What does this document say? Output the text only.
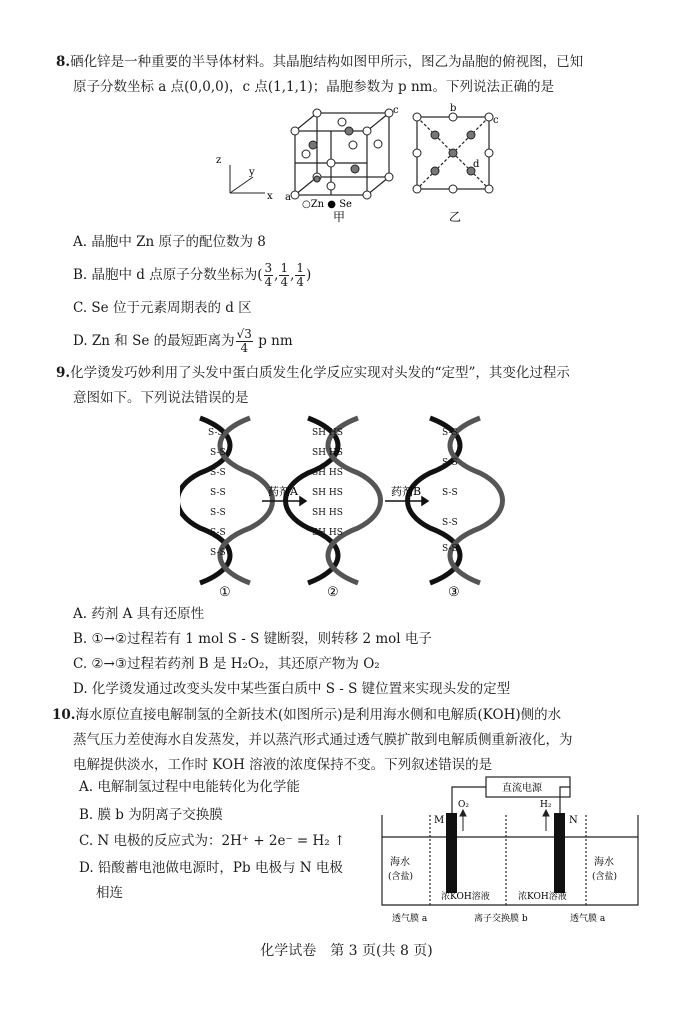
8.硒化锌是一种重要的半导体材料。其晶胞结构如图甲所示，图乙为晶胞的俯视图，已知
原子分数坐标 a 点(0,0,0)，c 点(1,1,1)；晶胞参数为 p nm。下列说法正确的是
z
y
x a
c
○Zn ● Se
甲
b
c
d
乙
A. 晶胞中 Zn 原子的配位数为 8
B. 晶胞中 d 点原子分数坐标为( $\frac{3}{4}$ , $\frac{1}{4}$ , $\frac{1}{4}$ )
C. Se 位于元素周期表的 d 区
D. Zn 和 Se 的最短距离为 $\frac{√3}{4}$ p nm
9.化学烫发巧妙利用了头发中蛋白质发生化学反应实现对头发的“定型”，其变化过程示
意图如下。下列说法错误的是
S-S
S-S
S-S
S-S
S-S
S-S
S-S
SH HS
SH HS
SH HS
SH HS
SH HS
SH HS
S-S
S-S
S-S
S-S
S-S
药剂A	药剂B
①	②	③
A. 药剂 A 具有还原性
B. ①→②过程若有 1 mol S - S 键断裂，则转移 2 mol 电子
C. ②→③过程若药剂 B 是 H₂O₂，其还原产物为 O₂
D. 化学烫发通过改变头发中某些蛋白质中 S - S 键位置来实现头发的定型
10.海水原位直接电解制氢的全新技术(如图所示)是利用海水侧和电解质(KOH)侧的水
蒸气压力差使海水自发蒸发，并以蒸汽形式通过透气膜扩散到电解质侧重新液化，为
电解提供淡水，工作时 KOH 溶液的浓度保持不变。下列叙述错误的是
A. 电解制氢过程中电能转化为化学能
B. 膜 b 为阴离子交换膜
C. N 电极的反应式为：2H⁺ + 2e⁻ = H₂ ↑
D. 铅酸蓄电池做电源时，Pb 电极与 N 电极
相连
直流电源
M	N
O₂	H₂
海水
(含盐)
海水
(含盐)
浓KOH溶液	浓KOH溶液
透气膜 a	离子交换膜 b	透气膜 a
化学试卷　第 3 页(共 8 页)
